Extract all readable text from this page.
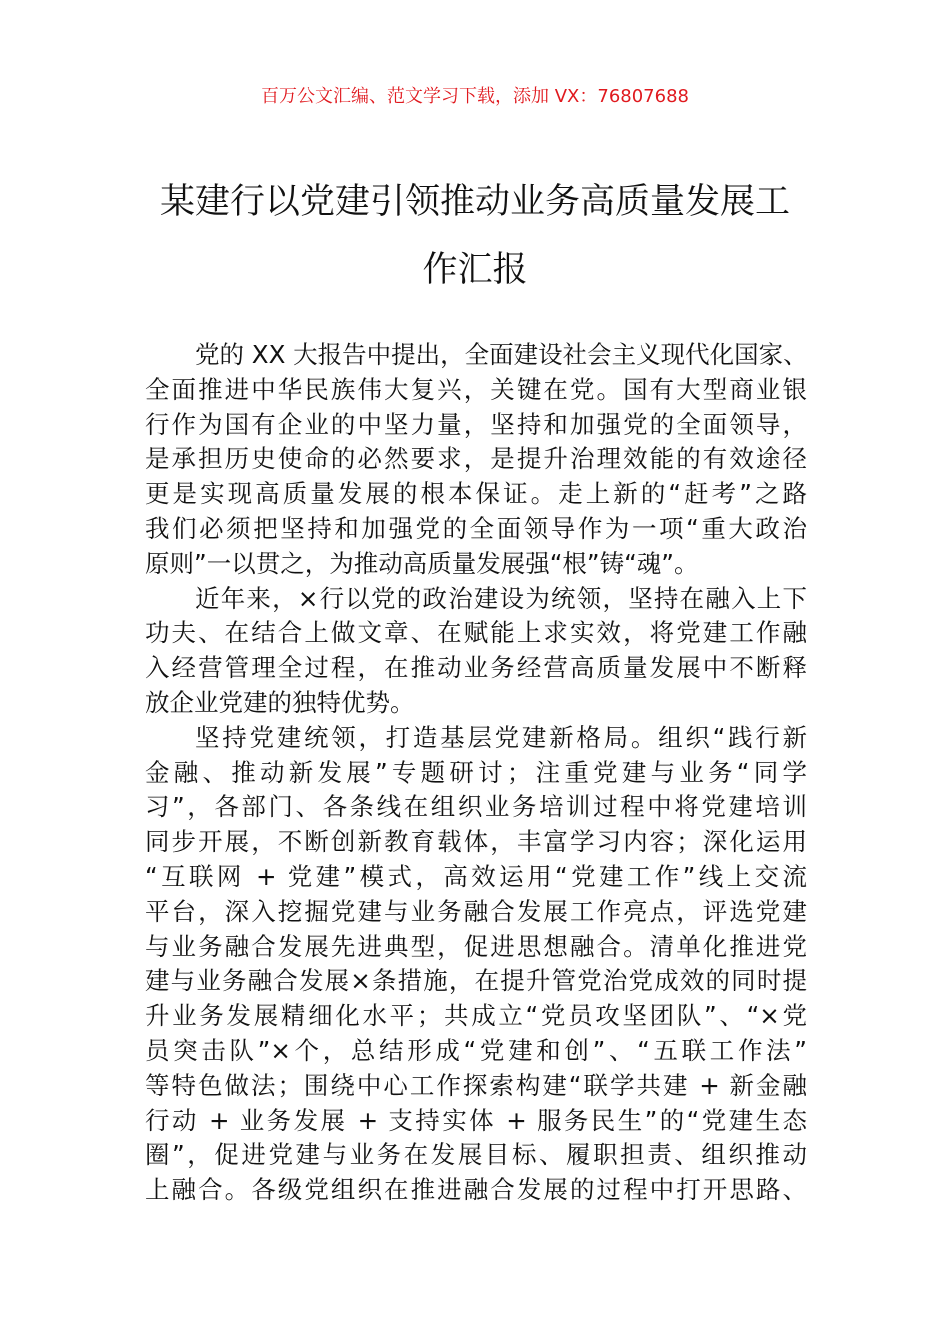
百万公文汇编、范文学习下载，添加 VX：76807688
某建行以党建引领推动业务高质量发展工
作汇报
党的 XX 大报告中提出，全面建设社会主义现代化国家、
全面推进中华民族伟大复兴，关键在党。国有大型商业银
行作为国有企业的中坚力量，坚持和加强党的全面领导，
是承担历史使命的必然要求，是提升治理效能的有效途径
更是实现高质量发展的根本保证。走上新的“赶考”之路
我们必须把坚持和加强党的全面领导作为一项“重大政治
原则”一以贯之，为推动高质量发展强“根”铸“魂”。
近年来，×行以党的政治建设为统领，坚持在融入上下
功夫、在结合上做文章、在赋能上求实效，将党建工作融
入经营管理全过程，在推动业务经营高质量发展中不断释
放企业党建的独特优势。
坚持党建统领，打造基层党建新格局。组织“践行新
金融、推动新发展”专题研讨；注重党建与业务“同学
习”，各部门、各条线在组织业务培训过程中将党建培训
同步开展，不断创新教育载体，丰富学习内容；深化运用
“互联网 + 党建”模式，高效运用“党建工作”线上交流
平台，深入挖掘党建与业务融合发展工作亮点，评选党建
与业务融合发展先进典型，促进思想融合。清单化推进党
建与业务融合发展×条措施，在提升管党治党成效的同时提
升业务发展精细化水平；共成立“党员攻坚团队”、“×党
员突击队”×个，总结形成“党建和创”、“五联工作法”
等特色做法；围绕中心工作探索构建“联学共建 + 新金融
行动 + 业务发展 + 支持实体 + 服务民生”的“党建生态
圈”，促进党建与业务在发展目标、履职担责、组织推动
上融合。各级党组织在推进融合发展的过程中打开思路、
